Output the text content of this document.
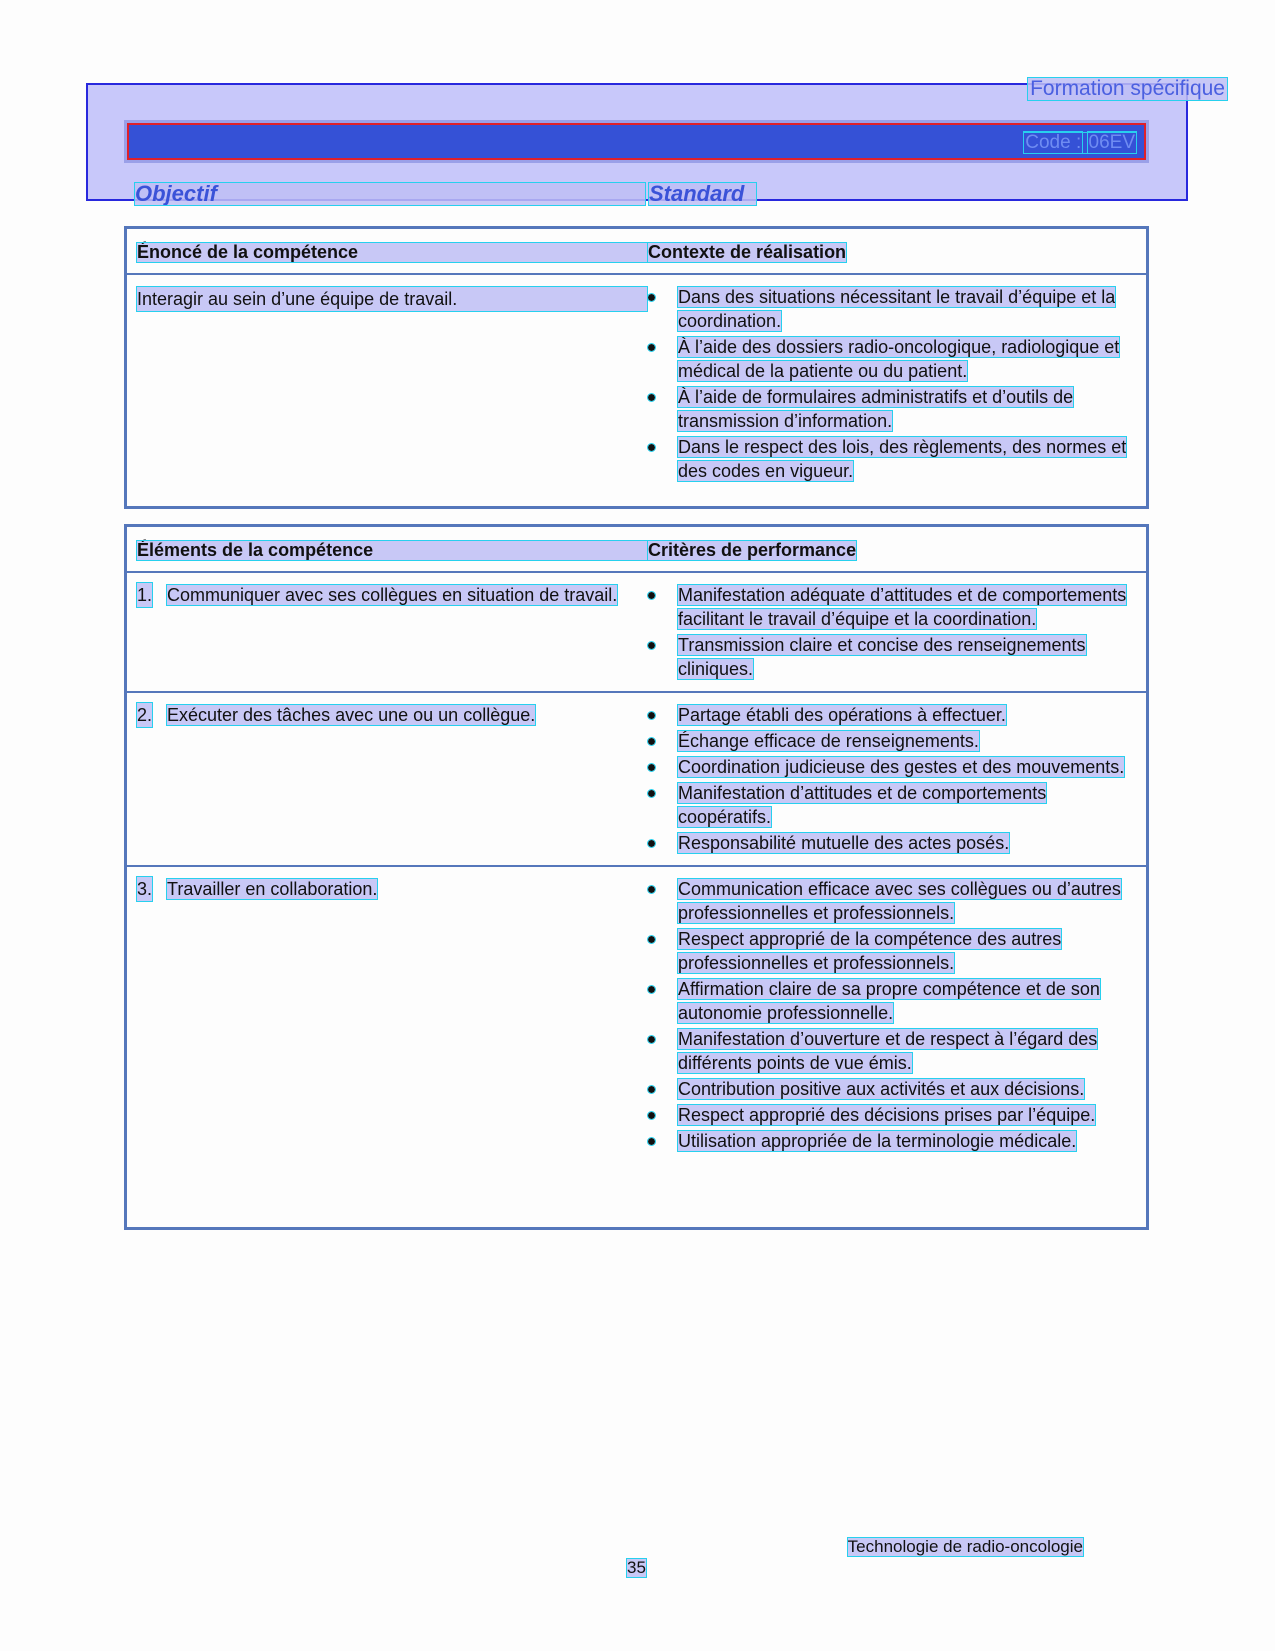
Formation spécifique
Code : 06EV
Objectif	Standard
Énoncé de la compétence	Contexte de réalisation
Interagir au sein d’une équipe de travail.	Dans des situations nécessitant le travail d’équipe et la coordination.
À l’aide des dossiers radio-oncologique, radiologique et médical de la patiente ou du patient.
À l’aide de formulaires administratifs et d’outils de transmission d’information.
Dans le respect des lois, des règlements, des normes et des codes en vigueur.
Éléments de la compétence	Critères de performance
1. Communiquer avec ses collègues en situation de travail.	Manifestation adéquate d’attitudes et de comportements facilitant le travail d’équipe et la coordination.
Transmission claire et concise des renseignements cliniques.
2. Exécuter des tâches avec une ou un collègue.	Partage établi des opérations à effectuer.
Échange efficace de renseignements.
Coordination judicieuse des gestes et des mouvements.
Manifestation d’attitudes et de comportements coopératifs.
Responsabilité mutuelle des actes posés.
3. Travailler en collaboration.	Communication efficace avec ses collègues ou d’autres professionnelles et professionnels.
Respect approprié de la compétence des autres professionnelles et professionnels.
Affirmation claire de sa propre compétence et de son autonomie professionnelle.
Manifestation d’ouverture et de respect à l’égard des différents points de vue émis.
Contribution positive aux activités et aux décisions.
Respect approprié des décisions prises par l’équipe.
Utilisation appropriée de la terminologie médicale.
Technologie de radio-oncologie
35
